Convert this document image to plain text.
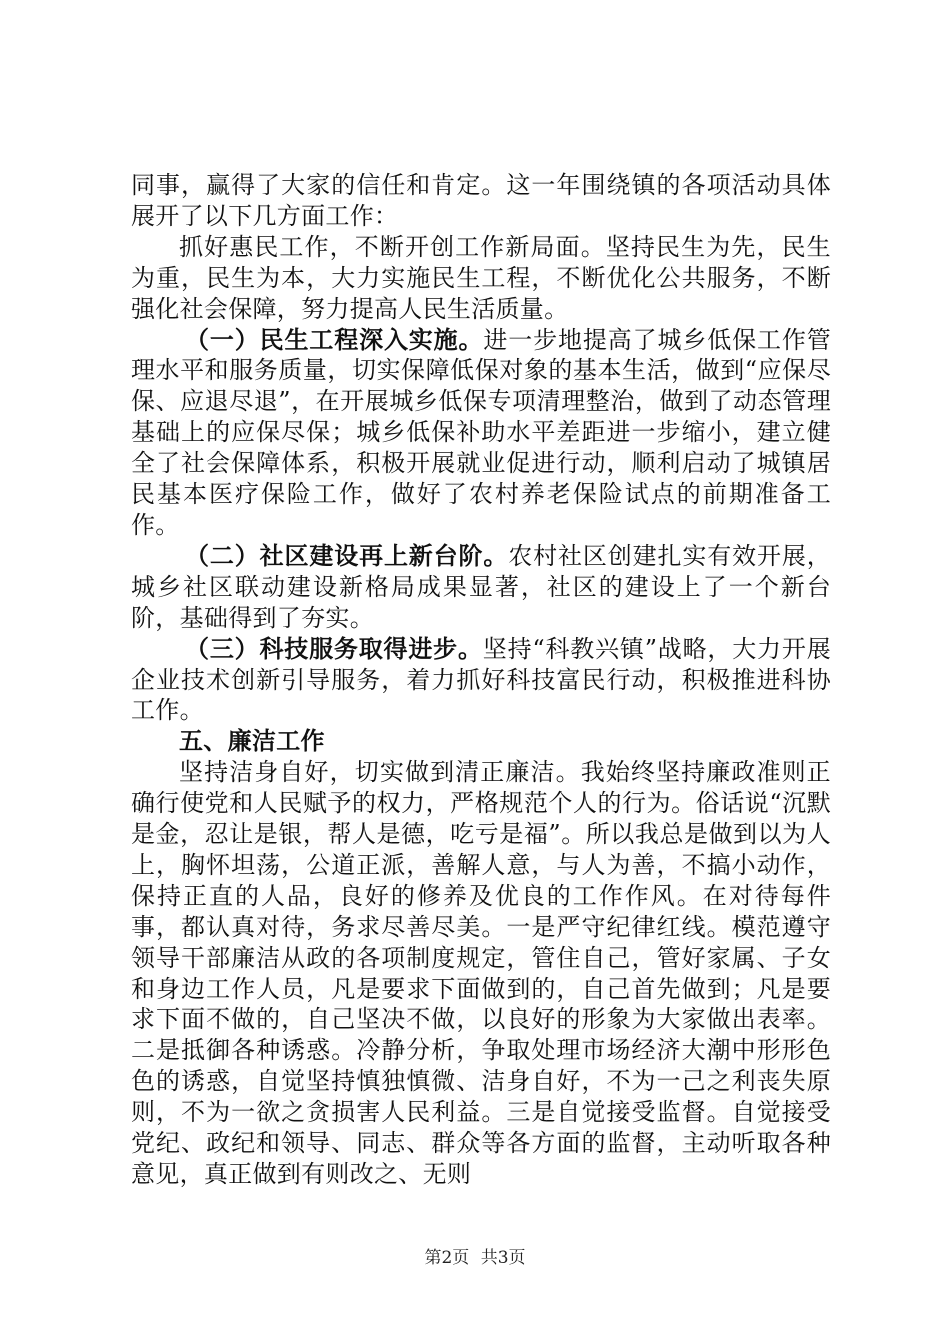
同事，赢得了大家的信任和肯定。这一年围绕镇的各项活动具体展开了以下几方面工作：

抓好惠民工作，不断开创工作新局面。坚持民生为先，民生为重，民生为本，大力实施民生工程，不断优化公共服务，不断强化社会保障，努力提高人民生活质量。

（一）民生工程深入实施。进一步地提高了城乡低保工作管理水平和服务质量，切实保障低保对象的基本生活，做到“应保尽保、应退尽退”，在开展城乡低保专项清理整治，做到了动态管理基础上的应保尽保；城乡低保补助水平差距进一步缩小，建立健全了社会保障体系，积极开展就业促进行动，顺利启动了城镇居民基本医疗保险工作，做好了农村养老保险试点的前期准备工作。

（二）社区建设再上新台阶。农村社区创建扎实有效开展，城乡社区联动建设新格局成果显著，社区的建设上了一个新台阶，基础得到了夯实。

（三）科技服务取得进步。坚持“科教兴镇”战略，大力开展企业技术创新引导服务，着力抓好科技富民行动，积极推进科协工作。

五、廉洁工作

坚持洁身自好，切实做到清正廉洁。我始终坚持廉政准则正确行使党和人民赋予的权力，严格规范个人的行为。俗话说“沉默是金，忍让是银，帮人是德，吃亏是福”。所以我总是做到以为人上，胸怀坦荡，公道正派，善解人意，与人为善，不搞小动作，保持正直的人品，良好的修养及优良的工作作风。在对待每件事，都认真对待，务求尽善尽美。一是严守纪律红线。模范遵守领导干部廉洁从政的各项制度规定，管住自己，管好家属、子女和身边工作人员，凡是要求下面做到的，自己首先做到；凡是要求下面不做的，自己坚决不做，以良好的形象为大家做出表率。二是抵御各种诱惑。冷静分析，争取处理市场经济大潮中形形色色的诱惑，自觉坚持慎独慎微、洁身自好，不为一己之利丧失原则，不为一欲之贪损害人民利益。三是自觉接受监督。自觉接受党纪、政纪和领导、同志、群众等各方面的监督，主动听取各种意见，真正做到有则改之、无则

第2页 共3页
